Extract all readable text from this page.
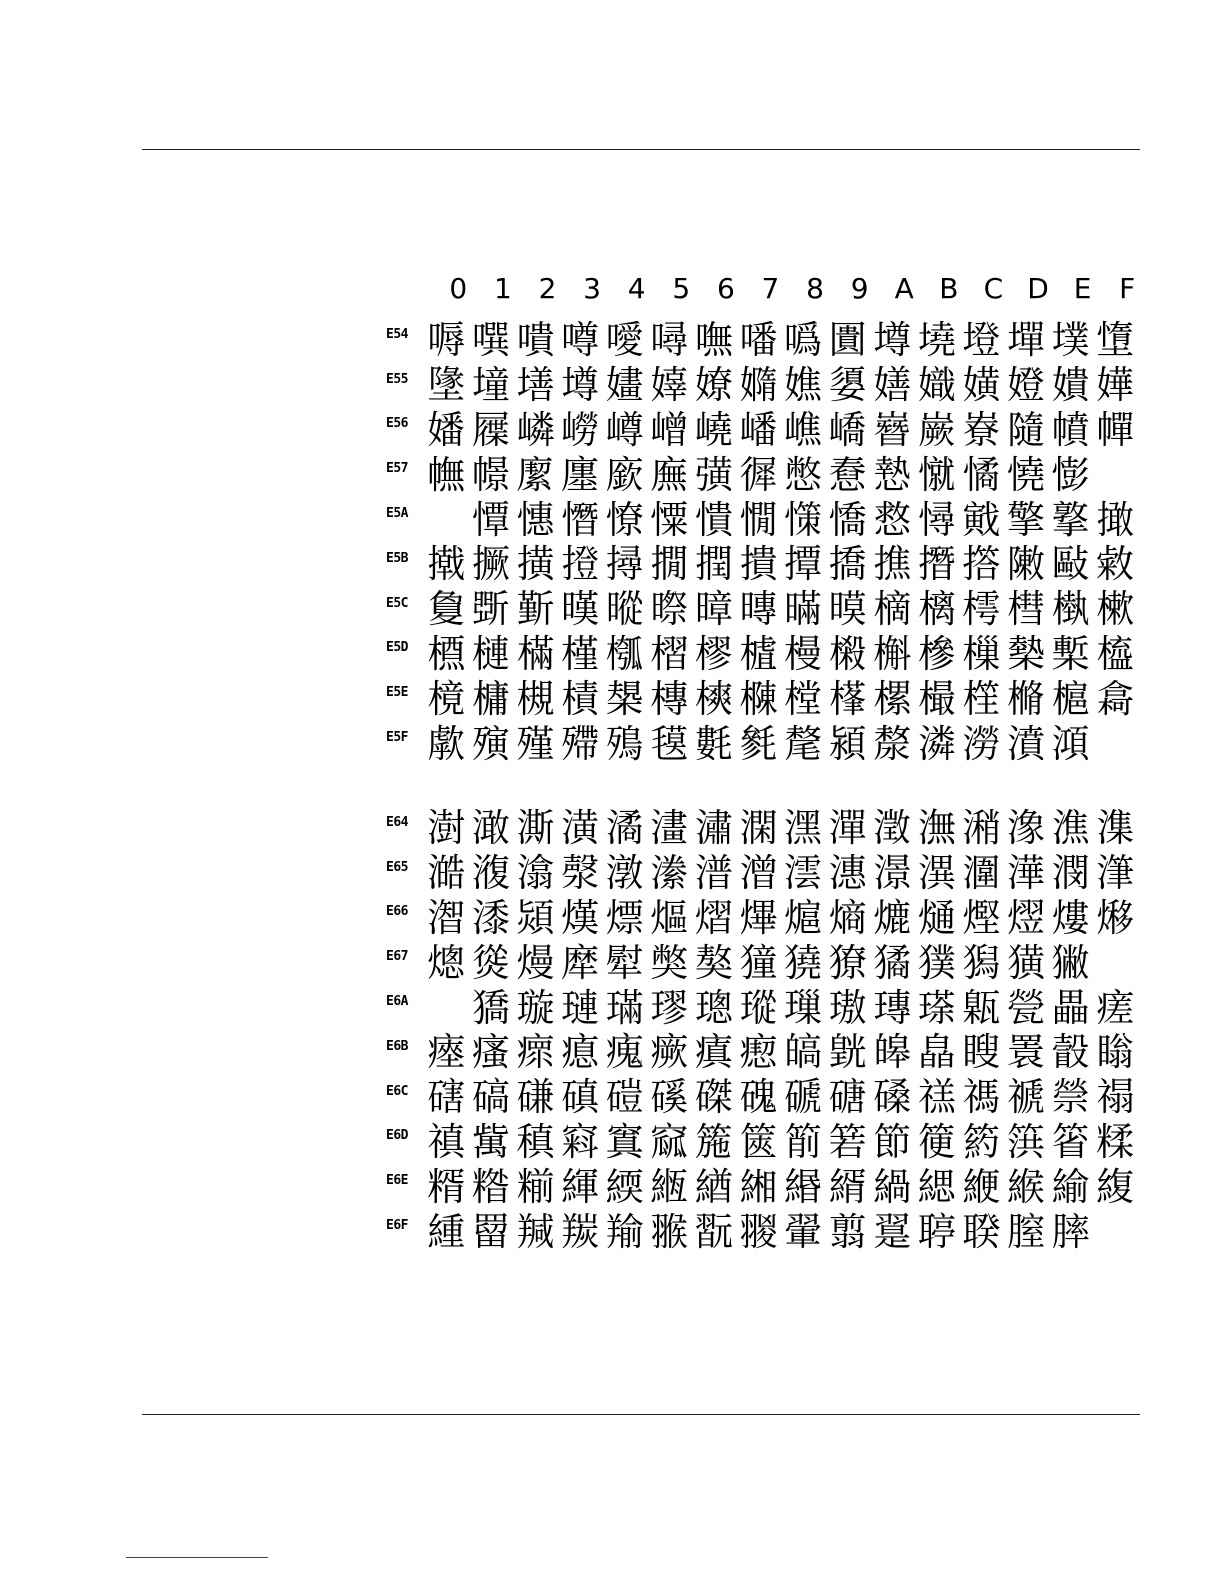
0 1 2 3 4 5 6 7 8 9 A B C D E F
E54 嗕 噀 嘳 噂 噯 噚 嘸 噃 噅 圚 墫 墝 墱 墠 墣 墯
E55 墬 墥 墡 壿 嫿 嫴 嫽 嫷 嫶 嬃 嫸 嬂 嫹 嬁 嬇 嬅
E56 嬏 屧 嶙 嶗 嶟 嶒 嶢 嶓 嶕 嶠 嶜 嶡 嶚 隨 幩 幝
E57 幠 幜 緳 廛 廞 廡 彉 徲 憋 憃 慹 憱 憰 憢 憉

E5A
　	憛 憓 憯 憭 憟 憒 憪 憡 憍 慦 憳 戭 擎 撉 撖
E5B 撠 撅 撗 撜 撏 撊 撋 撌 撢 撟 撨 撍 撘 敶 敺 敹
E5C 敻 斲 斳 暵 暰 暩 暲 暷 暪 暯 樀 樆 樗 槥 槸 樕
E5D 槱 槤 樠 槿 槬 槢 樛 樝 槾 樧 槲 槮 樔 槷 槧 橀
E5E 樈 槦 槻 樍 槼 槫 樉 樄 樘 樥 樏 樶 樦 樇 槴 樖
E5F 歑 殥 殣 殢 殦 氁 氀 毿 氂 潁 漦 潾 澇 濆 澒

E64 澍 澉 澌 潢 潏 澅 潚 澖 潶 潬 澂 潕 潲 潒 潐 潗
E65 澔 澓 潝 漀 潡 潫 潽 潧 澐 潓 澋 潩 潿 澕 潣 潷
E66 潪 潻 熲 熯 熛 熰 熠 熚 熩 熵 熝 熥 熞 熤 熡 熪
E67 熜 熧 熳 犘 犚 獘 獒 獞 獟 獠 獝 獛 獡 獚 獙

E6A
　	獢 璇 璉 璊 璆 璁 瑽 璅 璈 瑼 瑹 甈 甇 畾 瘥
E6B 瘞 瘙 瘝 瘜 瘣 瘚 瘨 瘛 皜 皝 皞 皛 瞍 瞏 瞉 瞈
E6C 磍 碻 磏 磌 磑 磎 磔 磈 磃 磄 磉 禚 禡 禠 禜 禢
E6D 禛 歶 稹 窲 窴 窳 箷 篋 箾 箬 節 箯 箹 篊 箵 糅
E6E 糈 糌 糋 緷 緛 緪 緧 緗 緡 縃 緺 緦 緶 緱 緰 緮
E6F 緟 罶 羬 羰 羭 翭 翫 翪 翬 翦 翨 聤 聧 膣 膟
